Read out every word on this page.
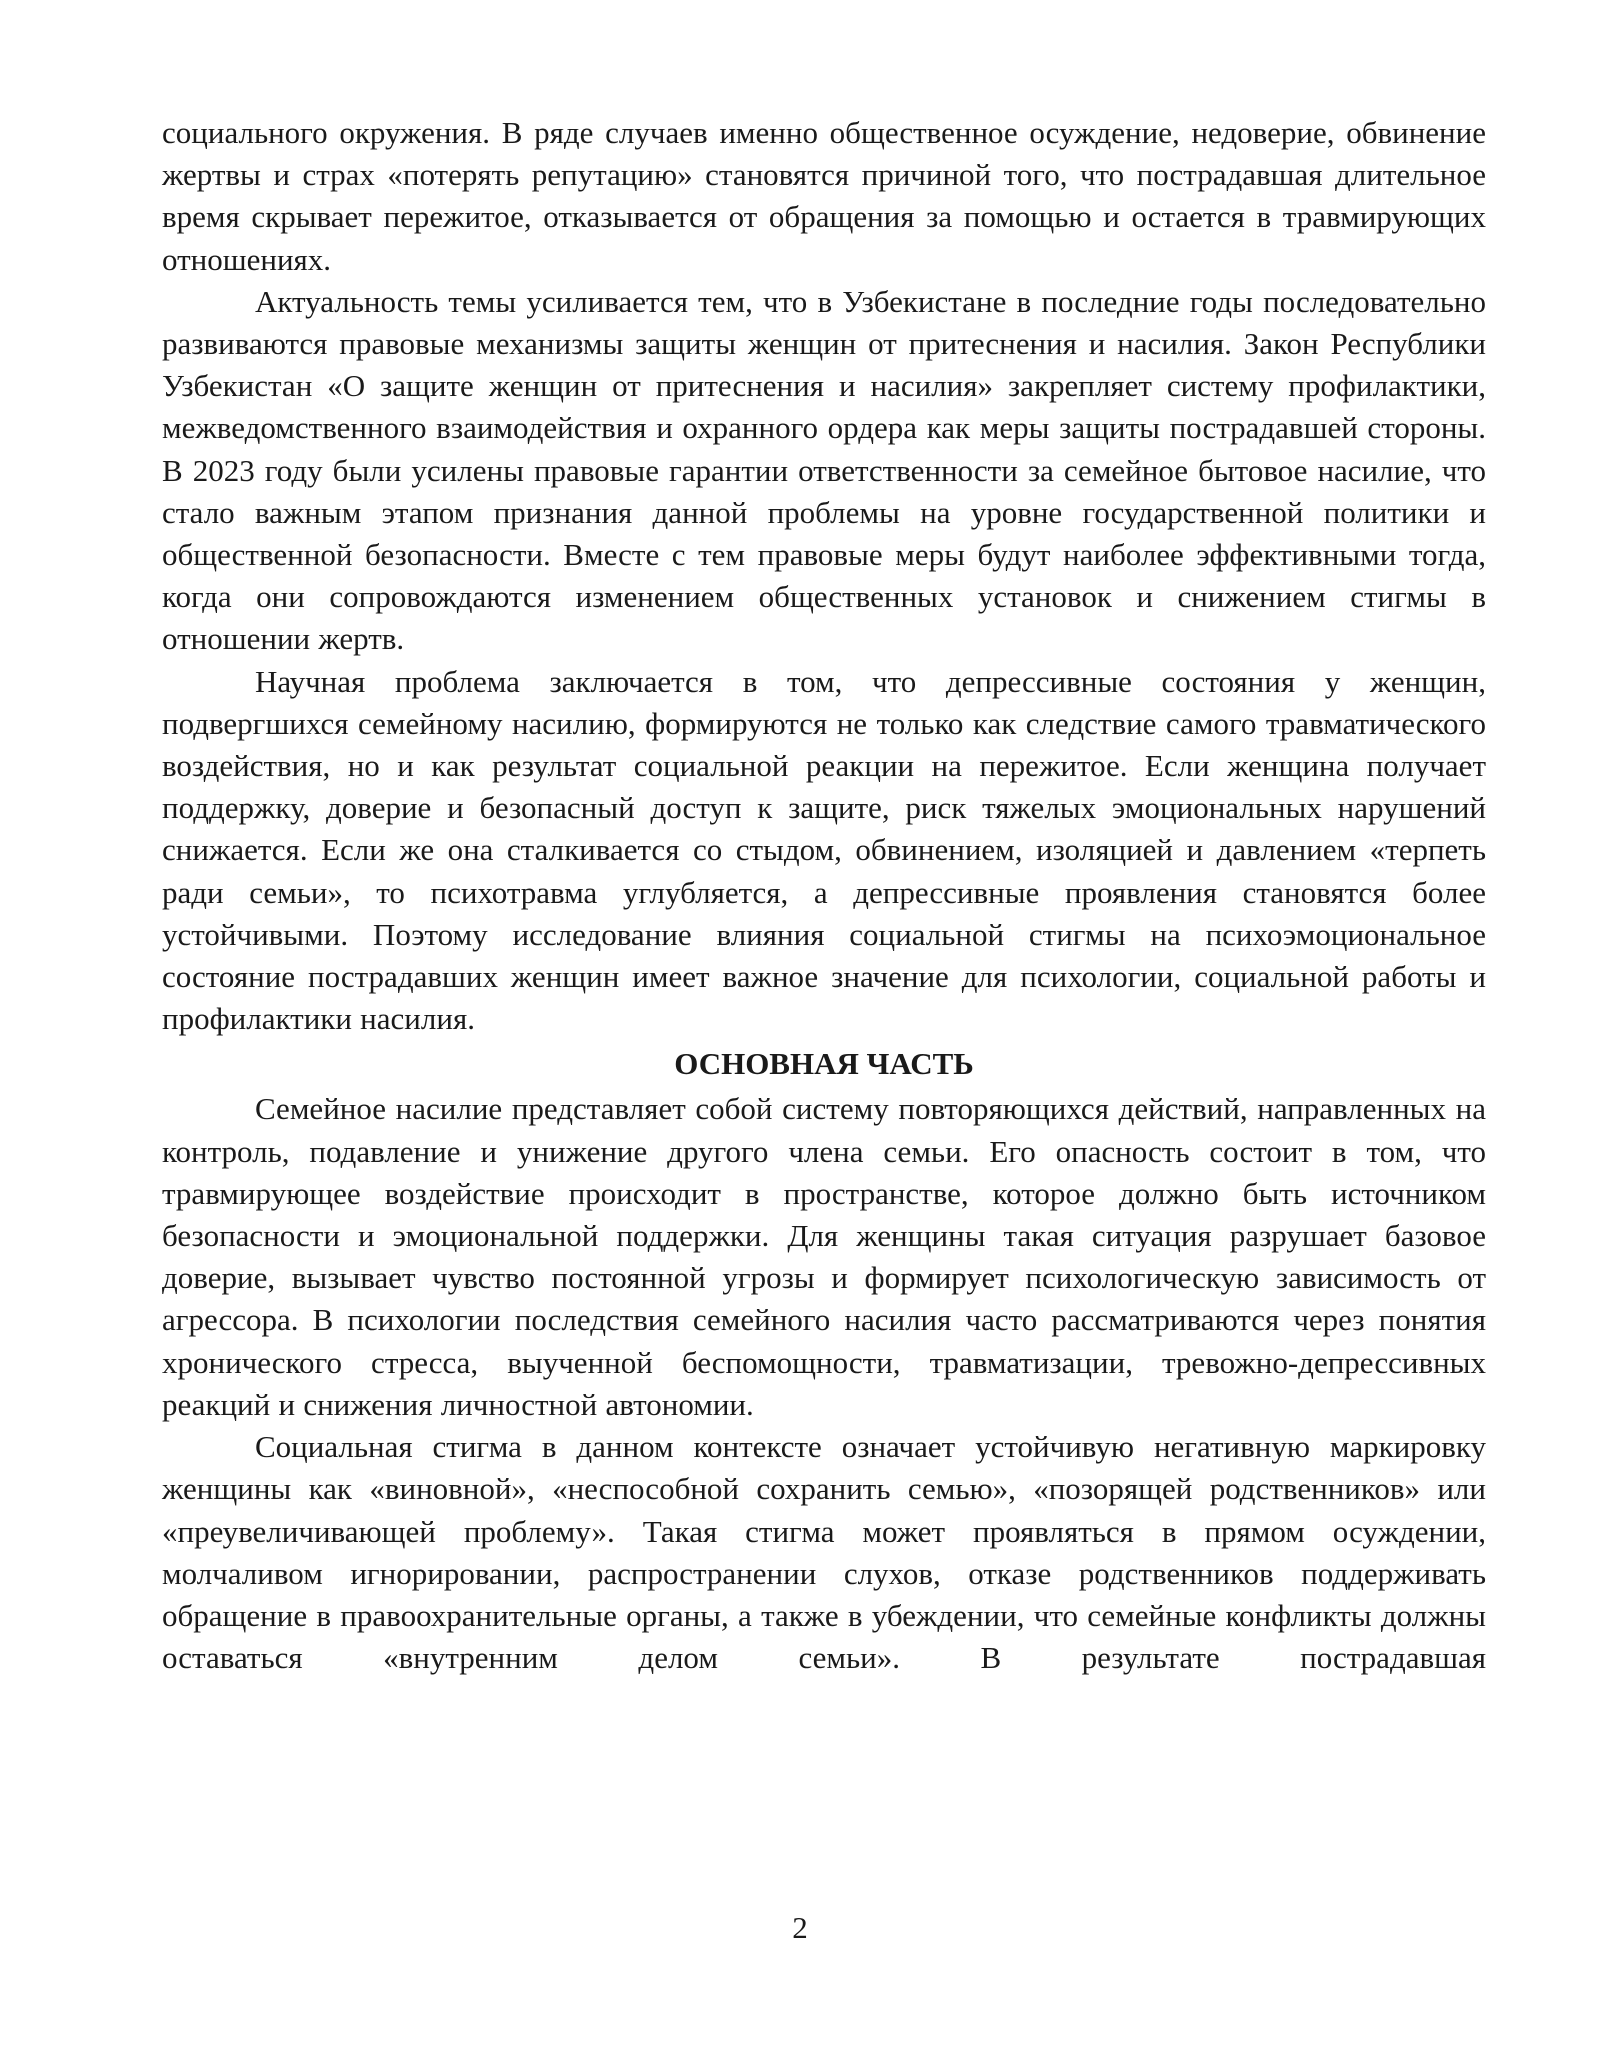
социального окружения. В ряде случаев именно общественное осуждение, недоверие, обвинение жертвы и страх «потерять репутацию» становятся причиной того, что пострадавшая длительное время скрывает пережитое, отказывается от обращения за помощью и остается в травмирующих отношениях.

Актуальность темы усиливается тем, что в Узбекистане в последние годы последовательно развиваются правовые механизмы защиты женщин от притеснения и насилия. Закон Республики Узбекистан «О защите женщин от притеснения и насилия» закрепляет систему профилактики, межведомственного взаимодействия и охранного ордера как меры защиты пострадавшей стороны. В 2023 году были усилены правовые гарантии ответственности за семейное бытовое насилие, что стало важным этапом признания данной проблемы на уровне государственной политики и общественной безопасности. Вместе с тем правовые меры будут наиболее эффективными тогда, когда они сопровождаются изменением общественных установок и снижением стигмы в отношении жертв.

Научная проблема заключается в том, что депрессивные состояния у женщин, подвергшихся семейному насилию, формируются не только как следствие самого травматического воздействия, но и как результат социальной реакции на пережитое. Если женщина получает поддержку, доверие и безопасный доступ к защите, риск тяжелых эмоциональных нарушений снижается. Если же она сталкивается со стыдом, обвинением, изоляцией и давлением «терпеть ради семьи», то психотравма углубляется, а депрессивные проявления становятся более устойчивыми. Поэтому исследование влияния социальной стигмы на психоэмоциональное состояние пострадавших женщин имеет важное значение для психологии, социальной работы и профилактики насилия.

ОСНОВНАЯ ЧАСТЬ

Семейное насилие представляет собой систему повторяющихся действий, направленных на контроль, подавление и унижение другого члена семьи. Его опасность состоит в том, что травмирующее воздействие происходит в пространстве, которое должно быть источником безопасности и эмоциональной поддержки. Для женщины такая ситуация разрушает базовое доверие, вызывает чувство постоянной угрозы и формирует психологическую зависимость от агрессора. В психологии последствия семейного насилия часто рассматриваются через понятия хронического стресса, выученной беспомощности, травматизации, тревожно-депрессивных реакций и снижения личностной автономии.

Социальная стигма в данном контексте означает устойчивую негативную маркировку женщины как «виновной», «неспособной сохранить семью», «позорящей родственников» или «преувеличивающей проблему». Такая стигма может проявляться в прямом осуждении, молчаливом игнорировании, распространении слухов, отказе родственников поддерживать обращение в правоохранительные органы, а также в убеждении, что семейные конфликты должны оставаться «внутренним делом семьи». В результате пострадавшая

2
